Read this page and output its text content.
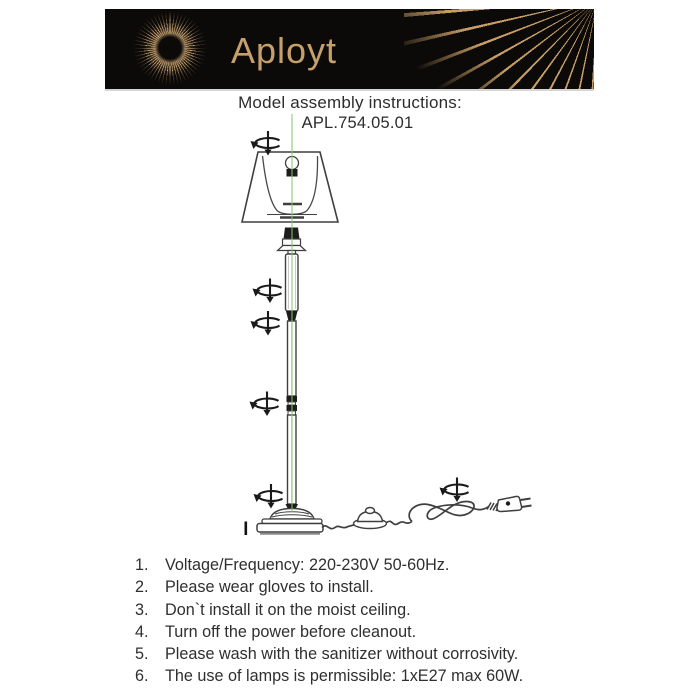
Aployt
Model assembly instructions:
APL.754.05.01
1.	Voltage/Frequency: 220-230V 50-60Hz.
2.	Please wear gloves to install.
3.	Don`t install it on the moist ceiling.
4.	Turn off the power before cleanout.
5.	Please wash with the sanitizer without corrosivity.
6.	The use of lamps is permissible: 1xE27 max 60W.
